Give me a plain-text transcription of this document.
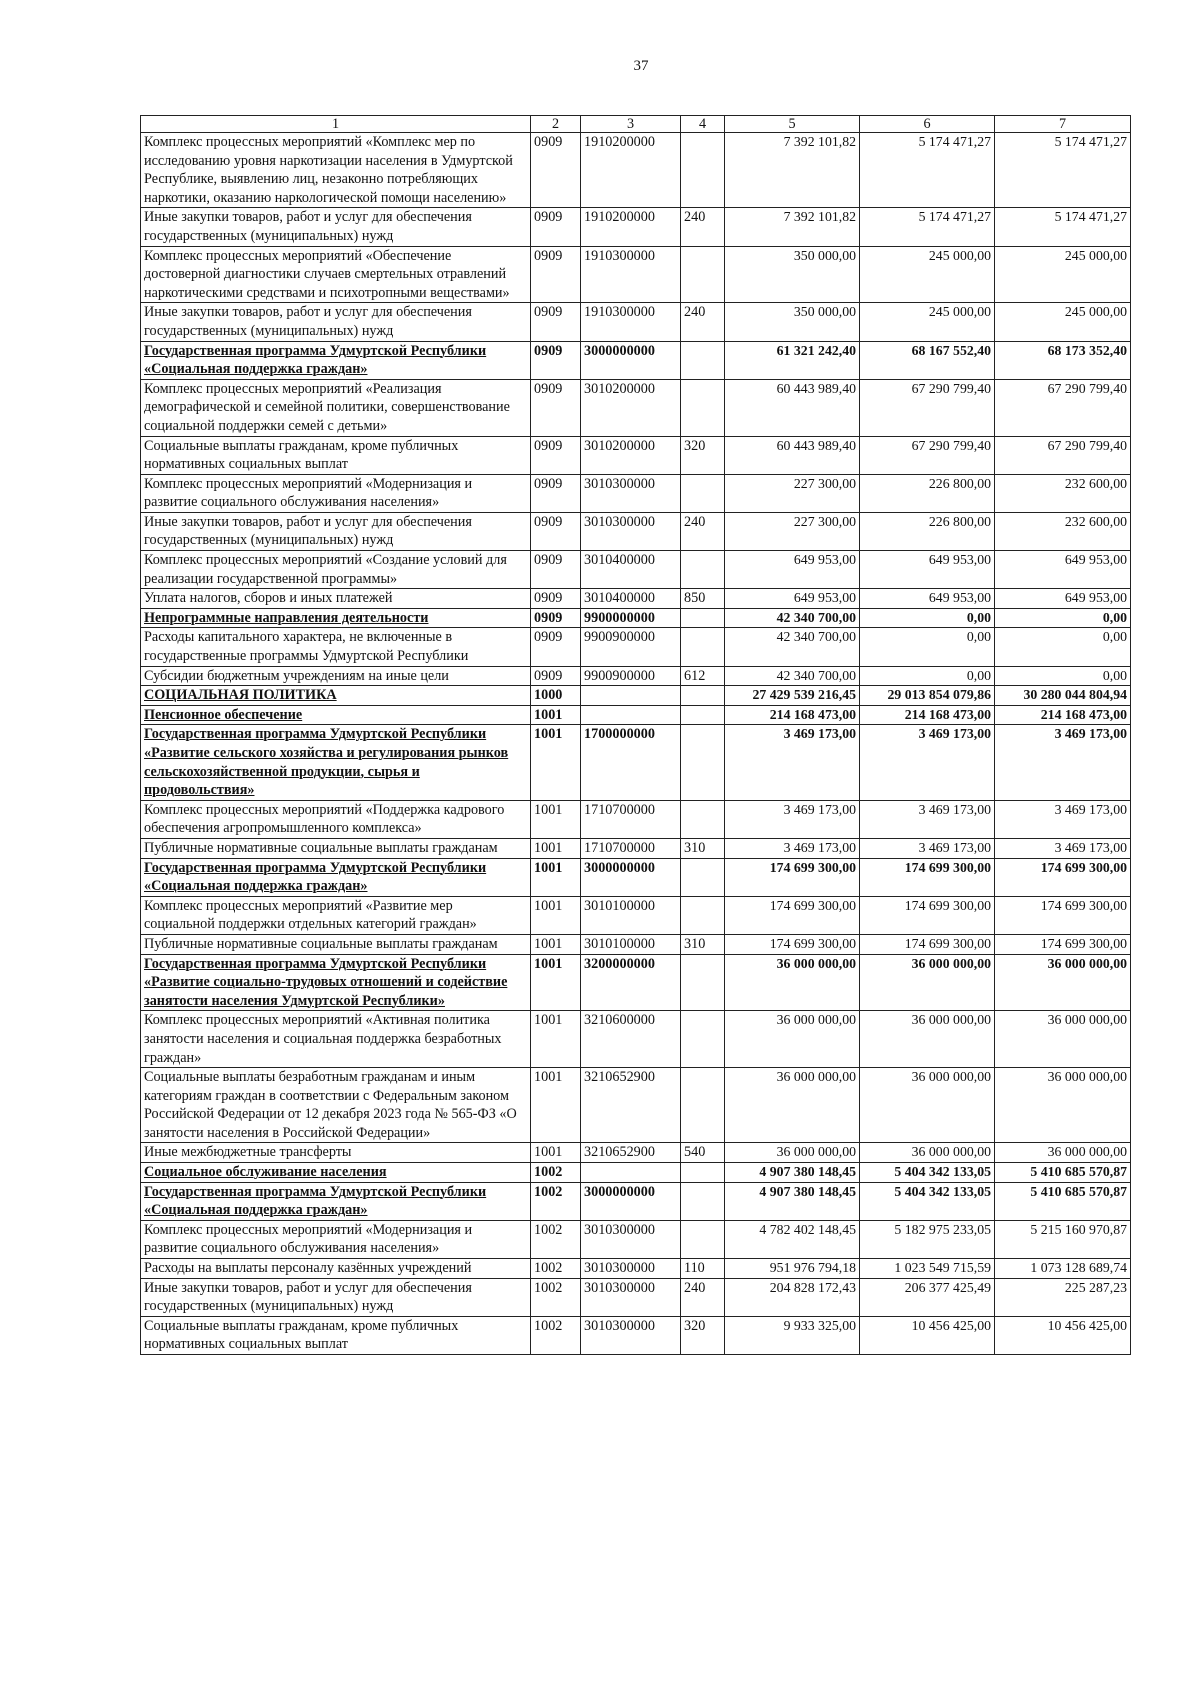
37
1	2	3	4	5	6	7
Комплекс процессных мероприятий «Комплекс мер по исследованию уровня наркотизации населения в Удмуртской Республике, выявлению лиц, незаконно потребляющих наркотики, оказанию наркологической помощи населению»	0909	1910200000		7 392 101,82	5 174 471,27	5 174 471,27
Иные закупки товаров, работ и услуг для обеспечения государственных (муниципальных) нужд	0909	1910200000	240	7 392 101,82	5 174 471,27	5 174 471,27
Комплекс процессных мероприятий «Обеспечение достоверной диагностики случаев смертельных отравлений наркотическими средствами и психотропными веществами»	0909	1910300000		350 000,00	245 000,00	245 000,00
Иные закупки товаров, работ и услуг для обеспечения государственных (муниципальных) нужд	0909	1910300000	240	350 000,00	245 000,00	245 000,00
Государственная программа Удмуртской Республики «Социальная поддержка граждан»	0909	3000000000		61 321 242,40	68 167 552,40	68 173 352,40
Комплекс процессных мероприятий «Реализация демографической и семейной политики, совершенствование социальной поддержки семей с детьми»	0909	3010200000		60 443 989,40	67 290 799,40	67 290 799,40
Социальные выплаты гражданам, кроме публичных нормативных социальных выплат	0909	3010200000	320	60 443 989,40	67 290 799,40	67 290 799,40
Комплекс процессных мероприятий «Модернизация и развитие социального обслуживания населения»	0909	3010300000		227 300,00	226 800,00	232 600,00
Иные закупки товаров, работ и услуг для обеспечения государственных (муниципальных) нужд	0909	3010300000	240	227 300,00	226 800,00	232 600,00
Комплекс процессных мероприятий «Создание условий для реализации государственной программы»	0909	3010400000		649 953,00	649 953,00	649 953,00
Уплата налогов, сборов и иных платежей	0909	3010400000	850	649 953,00	649 953,00	649 953,00
Непрограммные направления деятельности	0909	9900000000		42 340 700,00	0,00	0,00
Расходы капитального характера, не включенные в государственные программы Удмуртской Республики	0909	9900900000		42 340 700,00	0,00	0,00
Субсидии бюджетным учреждениям на иные цели	0909	9900900000	612	42 340 700,00	0,00	0,00
СОЦИАЛЬНАЯ ПОЛИТИКА	1000			27 429 539 216,45	29 013 854 079,86	30 280 044 804,94
Пенсионное обеспечение	1001			214 168 473,00	214 168 473,00	214 168 473,00
Государственная программа Удмуртской Республики «Развитие сельского хозяйства и регулирования рынков сельскохозяйственной продукции, сырья и продовольствия»	1001	1700000000		3 469 173,00	3 469 173,00	3 469 173,00
Комплекс процессных мероприятий «Поддержка кадрового обеспечения агропромышленного комплекса»	1001	1710700000		3 469 173,00	3 469 173,00	3 469 173,00
Публичные нормативные социальные выплаты гражданам	1001	1710700000	310	3 469 173,00	3 469 173,00	3 469 173,00
Государственная программа Удмуртской Республики «Социальная поддержка граждан»	1001	3000000000		174 699 300,00	174 699 300,00	174 699 300,00
Комплекс процессных мероприятий «Развитие мер социальной поддержки отдельных категорий граждан»	1001	3010100000		174 699 300,00	174 699 300,00	174 699 300,00
Публичные нормативные социальные выплаты гражданам	1001	3010100000	310	174 699 300,00	174 699 300,00	174 699 300,00
Государственная программа Удмуртской Республики «Развитие социально-трудовых отношений и содействие занятости населения Удмуртской Республики»	1001	3200000000		36 000 000,00	36 000 000,00	36 000 000,00
Комплекс процессных мероприятий «Активная политика занятости населения и социальная поддержка безработных граждан»	1001	3210600000		36 000 000,00	36 000 000,00	36 000 000,00
Социальные выплаты безработным гражданам и иным категориям граждан в соответствии с Федеральным законом Российской Федерации от 12 декабря 2023 года № 565-ФЗ «О занятости населения в Российской Федерации»	1001	3210652900		36 000 000,00	36 000 000,00	36 000 000,00
Иные межбюджетные трансферты	1001	3210652900	540	36 000 000,00	36 000 000,00	36 000 000,00
Социальное обслуживание населения	1002			4 907 380 148,45	5 404 342 133,05	5 410 685 570,87
Государственная программа Удмуртской Республики «Социальная поддержка граждан»	1002	3000000000		4 907 380 148,45	5 404 342 133,05	5 410 685 570,87
Комплекс процессных мероприятий «Модернизация и развитие социального обслуживания населения»	1002	3010300000		4 782 402 148,45	5 182 975 233,05	5 215 160 970,87
Расходы на выплаты персоналу казённых учреждений	1002	3010300000	110	951 976 794,18	1 023 549 715,59	1 073 128 689,74
Иные закупки товаров, работ и услуг для обеспечения государственных (муниципальных) нужд	1002	3010300000	240	204 828 172,43	206 377 425,49	225 287,23
Социальные выплаты гражданам, кроме публичных нормативных социальных выплат	1002	3010300000	320	9 933 325,00	10 456 425,00	10 456 425,00
